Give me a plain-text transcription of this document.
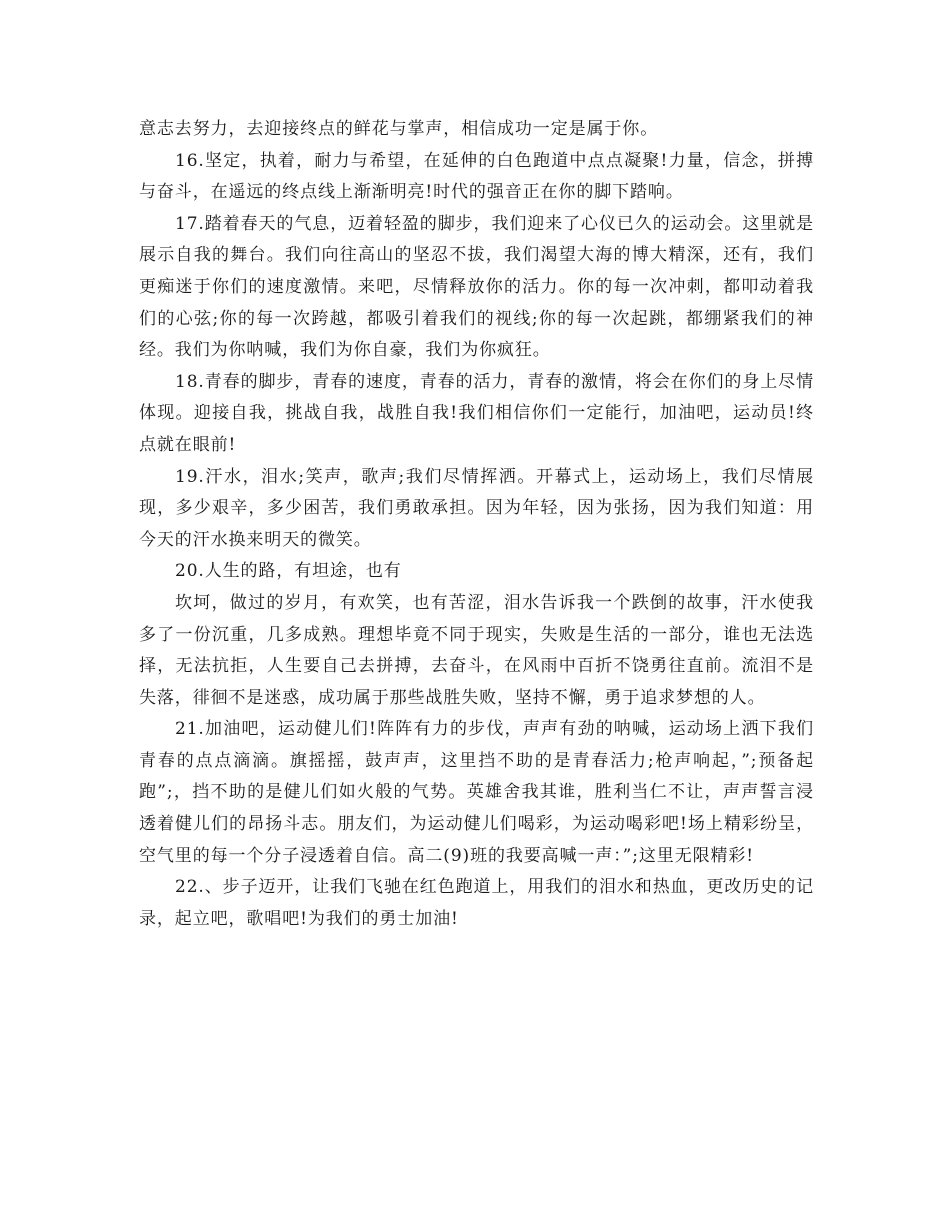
意志去努力，去迎接终点的鲜花与掌声，相信成功一定是属于你。

16.坚定，执着，耐力与希望，在延伸的白色跑道中点点凝聚!力量，信念，拼搏与奋斗，在遥远的终点线上渐渐明亮!时代的强音正在你的脚下踏响。

17.踏着春天的气息，迈着轻盈的脚步，我们迎来了心仪已久的运动会。这里就是展示自我的舞台。我们向往高山的坚忍不拔，我们渴望大海的博大精深，还有，我们更痴迷于你们的速度激情。来吧，尽情释放你的活力。你的每一次冲刺，都叩动着我们的心弦;你的每一次跨越，都吸引着我们的视线;你的每一次起跳，都绷紧我们的神经。我们为你呐喊，我们为你自豪，我们为你疯狂。

18.青春的脚步，青春的速度，青春的活力，青春的激情，将会在你们的身上尽情体现。迎接自我，挑战自我，战胜自我!我们相信你们一定能行，加油吧，运动员!终点就在眼前!

19.汗水，泪水;笑声，歌声;我们尽情挥洒。开幕式上，运动场上，我们尽情展现，多少艰辛，多少困苦，我们勇敢承担。因为年轻，因为张扬，因为我们知道：用今天的汗水换来明天的微笑。

20.人生的路，有坦途，也有

坎坷，做过的岁月，有欢笑，也有苦涩，泪水告诉我一个跌倒的故事，汗水使我多了一份沉重，几多成熟。理想毕竟不同于现实，失败是生活的一部分，谁也无法选择，无法抗拒，人生要自己去拼搏，去奋斗，在风雨中百折不饶勇往直前。流泪不是失落，徘徊不是迷惑，成功属于那些战胜失败，坚持不懈，勇于追求梦想的人。

21.加油吧，运动健儿们!阵阵有力的步伐，声声有劲的呐喊，运动场上洒下我们青春的点点滴滴。旗摇摇，鼓声声，这里挡不助的是青春活力;枪声响起，”;预备起跑”;，挡不助的是健儿们如火般的气势。英雄舍我其谁，胜利当仁不让，声声誓言浸透着健儿们的昂扬斗志。朋友们，为运动健儿们喝彩，为运动喝彩吧!场上精彩纷呈，空气里的每一个分子浸透着自信。高二(9)班的我要高喊一声：”;这里无限精彩!

22.、步子迈开，让我们飞驰在红色跑道上，用我们的泪水和热血，更改历史的记录，起立吧，歌唱吧!为我们的勇士加油!
